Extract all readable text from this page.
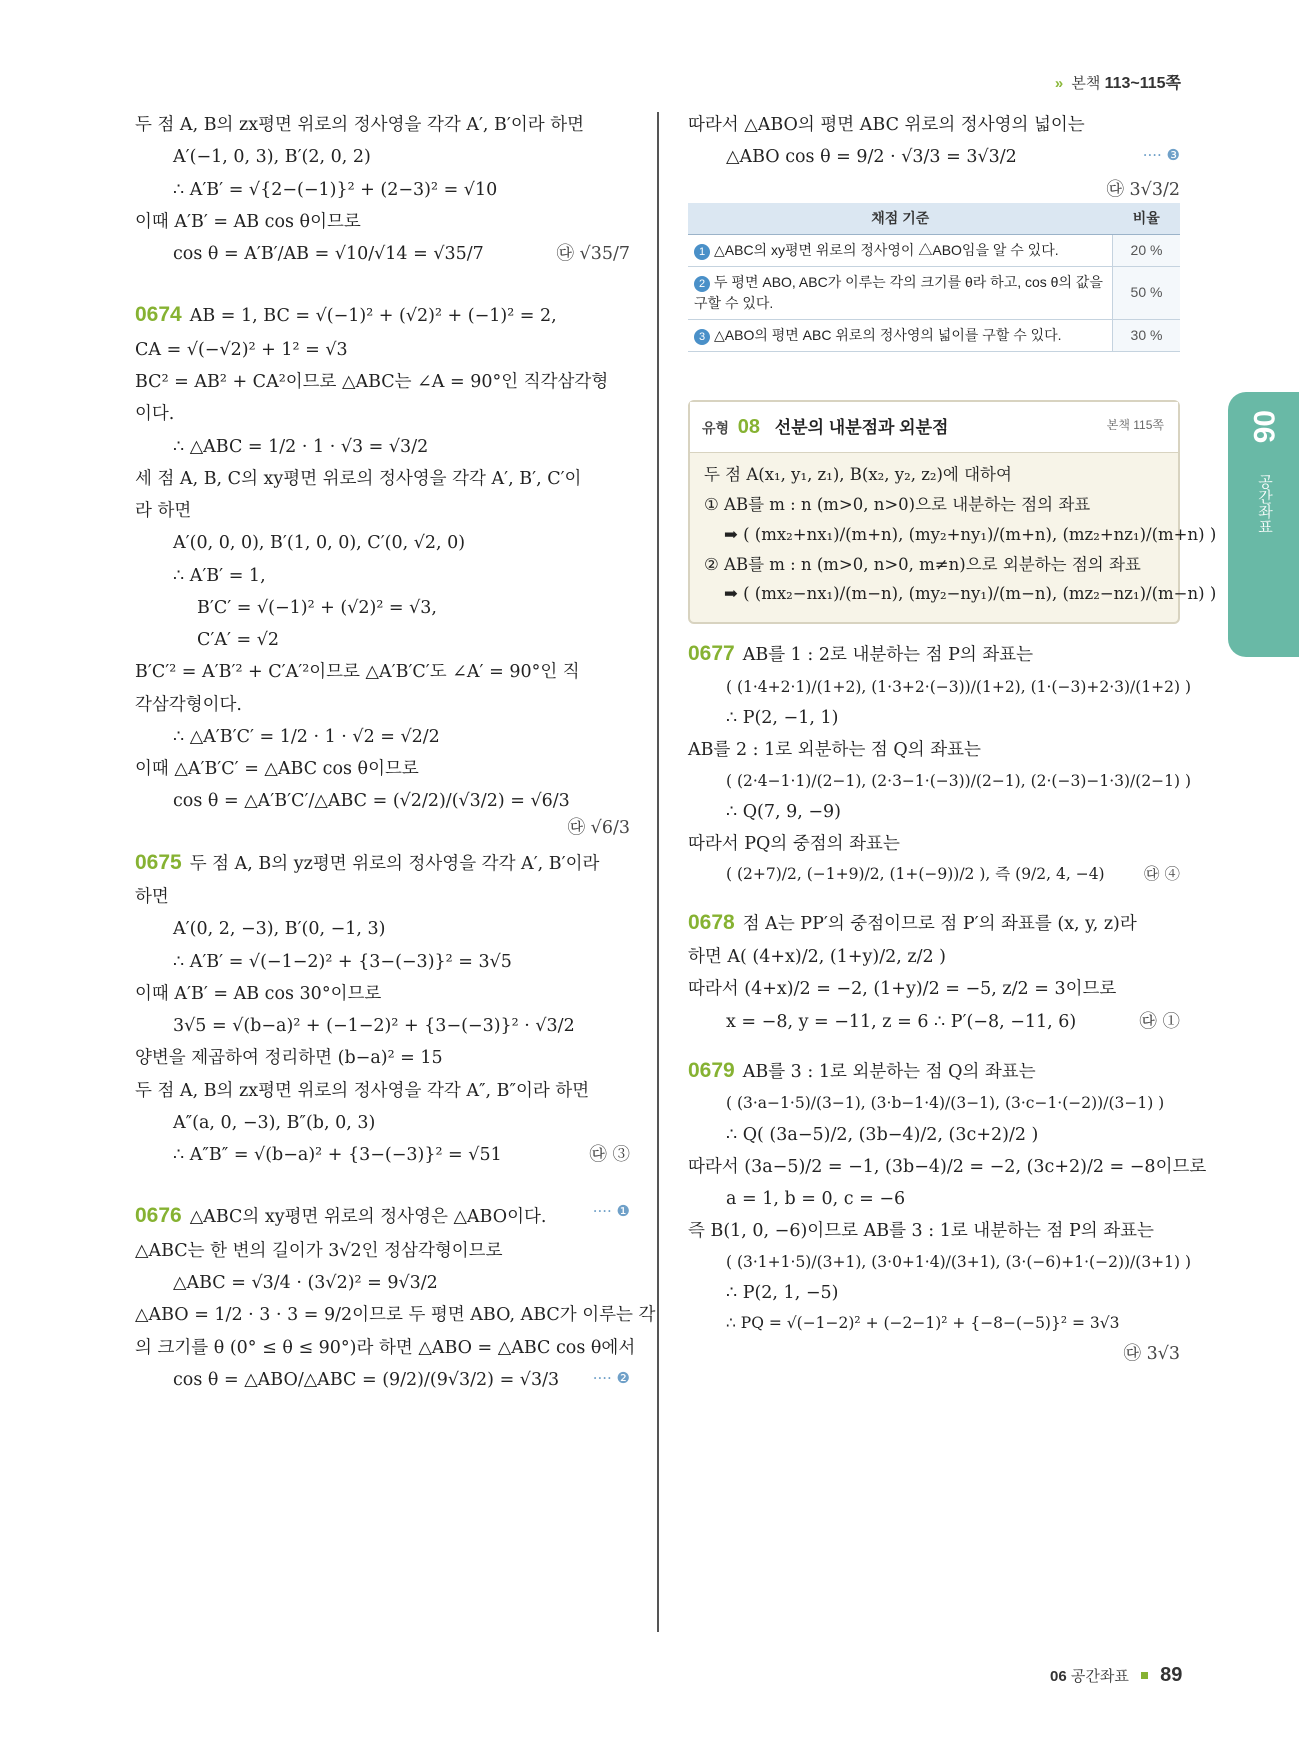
» 본책 113~115쪽
두 점 A, B의 zx평면 위로의 정사영을 각각 A′, B′이라 하면
A′(−1, 0, 3), B′(2, 0, 2)
∴ A′B′ = √{2−(−1)}² + (2−3)² = √10
이때 A′B′ = AB cos θ이므로
cos θ = A′B′/AB = √10/√14 = √35/7	㉰ √35/7
0674 AB = 1, BC = √(−1)² + (√2)² + (−1)² = 2,
CA = √(−√2)² + 1² = √3
BC² = AB² + CA²이므로 △ABC는 ∠A = 90°인 직각삼각형
이다.
∴ △ABC = 1/2 · 1 · √3 = √3/2
세 점 A, B, C의 xy평면 위로의 정사영을 각각 A′, B′, C′이
라 하면
A′(0, 0, 0), B′(1, 0, 0), C′(0, √2, 0)
∴ A′B′ = 1,
B′C′ = √(−1)² + (√2)² = √3,
C′A′ = √2
B′C′² = A′B′² + C′A′²이므로 △A′B′C′도 ∠A′ = 90°인 직
각삼각형이다.
∴ △A′B′C′ = 1/2 · 1 · √2 = √2/2
이때 △A′B′C′ = △ABC cos θ이므로
cos θ = △A′B′C′/△ABC = (√2/2)/(√3/2) = √6/3
㉰ √6/3
0675 두 점 A, B의 yz평면 위로의 정사영을 각각 A′, B′이라
하면
A′(0, 2, −3), B′(0, −1, 3)
∴ A′B′ = √(−1−2)² + {3−(−3)}² = 3√5
이때 A′B′ = AB cos 30°이므로
3√5 = √(b−a)² + (−1−2)² + {3−(−3)}² · √3/2
양변을 제곱하여 정리하면 (b−a)² = 15
두 점 A, B의 zx평면 위로의 정사영을 각각 A″, B″이라 하면
A″(a, 0, −3), B″(b, 0, 3)
∴ A″B″ = √(b−a)² + {3−(−3)}² = √51	㉰ ③
0676 △ABC의 xy평면 위로의 정사영은 △ABO이다.	···· ❶
△ABC는 한 변의 길이가 3√2인 정삼각형이므로
△ABC = √3/4 · (3√2)² = 9√3/2
△ABO = 1/2 · 3 · 3 = 9/2이므로 두 평면 ABO, ABC가 이루는 각
의 크기를 θ (0° ≤ θ ≤ 90°)라 하면 △ABO = △ABC cos θ에서
cos θ = △ABO/△ABC = (9/2)/(9√3/2) = √3/3 ···· ❷
따라서 △ABO의 평면 ABC 위로의 정사영의 넓이는
△ABO cos θ = 9/2 · √3/3 = 3√3/2	···· ❸
㉰ 3√3/2
채점 기준	비율
1 △ABC의 xy평면 위로의 정사영이 △ABO임을 알 수 있다.	20 %
2 두 평면 ABO, ABC가 이루는 각의 크기를 θ라 하고, cos θ의 값을 구할 수 있다.	50 %
3 △ABO의 평면 ABC 위로의 정사영의 넓이를 구할 수 있다.	30 %
유형 08 선분의 내분점과 외분점	본책 115쪽
두 점 A(x₁, y₁, z₁), B(x₂, y₂, z₂)에 대하여
① AB를 m : n (m>0, n>0)으로 내분하는 점의 좌표
➡ ( (mx₂+nx₁)/(m+n), (my₂+ny₁)/(m+n), (mz₂+nz₁)/(m+n) )
② AB를 m : n (m>0, n>0, m≠n)으로 외분하는 점의 좌표
➡ ( (mx₂−nx₁)/(m−n), (my₂−ny₁)/(m−n), (mz₂−nz₁)/(m−n) )
0677 AB를 1 : 2로 내분하는 점 P의 좌표는
( (1·4+2·1)/(1+2), (1·3+2·(−3))/(1+2), (1·(−3)+2·3)/(1+2) )
∴ P(2, −1, 1)
AB를 2 : 1로 외분하는 점 Q의 좌표는
( (2·4−1·1)/(2−1), (2·3−1·(−3))/(2−1), (2·(−3)−1·3)/(2−1) )
∴ Q(7, 9, −9)
따라서 PQ의 중점의 좌표는
( (2+7)/2, (−1+9)/2, (1+(−9))/2 ), 즉 (9/2, 4, −4)	㉰ ④
0678 점 A는 PP′의 중점이므로 점 P′의 좌표를 (x, y, z)라
하면 A( (4+x)/2, (1+y)/2, z/2 )
따라서 (4+x)/2 = −2, (1+y)/2 = −5, z/2 = 3이므로
x = −8, y = −11, z = 6 ∴ P′(−8, −11, 6)	㉰ ①
0679 AB를 3 : 1로 외분하는 점 Q의 좌표는
( (3·a−1·5)/(3−1), (3·b−1·4)/(3−1), (3·c−1·(−2))/(3−1) )
∴ Q( (3a−5)/2, (3b−4)/2, (3c+2)/2 )
따라서 (3a−5)/2 = −1, (3b−4)/2 = −2, (3c+2)/2 = −8이므로
a = 1, b = 0, c = −6
즉 B(1, 0, −6)이므로 AB를 3 : 1로 내분하는 점 P의 좌표는
( (3·1+1·5)/(3+1), (3·0+1·4)/(3+1), (3·(−6)+1·(−2))/(3+1) )
∴ P(2, 1, −5)
∴ PQ = √(−1−2)² + (−2−1)² + {−8−(−5)}² = 3√3
㉰ 3√3
06
공간좌표
06 공간좌표 89
